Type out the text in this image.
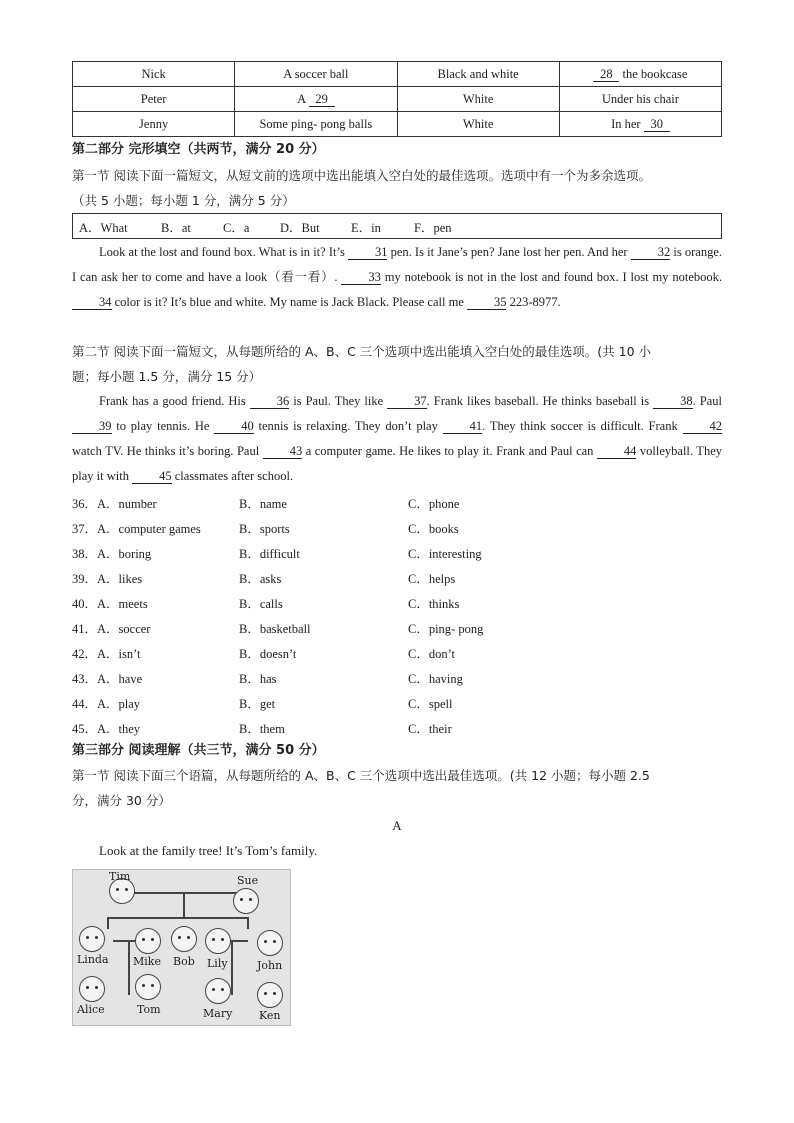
Nick	A soccer ball	Black and white	28 the bookcase
Peter	A 29	White	Under his chair
Jenny	Some ping- pong balls	White	In her 30
第二部分 完形填空（共两节，满分 20 分）
第一节 阅读下面一篇短文，从短文前的选项中选出能填入空白处的最佳选项。选项中有一个为多余选项。
（共 5 小题；每小题 1 分，满分 5 分）
A．What	B．at	C．a D．But	E．in	F．pen
Look at the lost and found box. What is in it? It’s 31 pen. Is it Jane’s pen? Jane lost her pen. And her 32 is orange. I can ask her to come and have a look（看一看）. 33 my notebook is not in the lost and found box. I lost my notebook. 34 color is it? It’s blue and white. My name is Jack Black. Please call me 35 223-8977.
第二节 阅读下面一篇短文，从每题所给的 A、B、C 三个选项中选出能填入空白处的最佳选项。(共 10 小
题；每小题 1.5 分，满分 15 分）
Frank has a good friend. His 36 is Paul. They like 37. Frank likes baseball. He thinks baseball is 38. Paul 39 to play tennis. He 40 tennis is relaxing. They don’t play 41. They think soccer is difficult. Frank 42 watch TV. He thinks it’s boring. Paul 43 a computer game. He likes to play it. Frank and Paul can 44 volleyball. They play it with 45 classmates after school.
36．A．number	B．name	C．phone
37．A．computer games	B．sports	C．books
38．A．boring	B．difficult	C．interesting
39．A．likes	B．asks	C．helps
40．A．meets	B．calls	C．thinks
41．A．soccer	B．basketball	C．ping- pong
42．A．isn’t	B．doesn’t	C．don’t
43．A．have	B．has	C．having
44．A．play	B．get	C．spell
45．A．they	B．them	C．their
第三部分 阅读理解（共三节，满分 50 分）
第一节 阅读下面三个语篇，从每题所给的 A、B、C 三个选项中选出最佳选项。(共 12 小题；每小题 2.5
分，满分 30 分）
A
Look at the family tree! It’s Tom’s family.
Tim	Sue
Linda Mike Bob Lily	John
Alice	Tom	Mary Ken
